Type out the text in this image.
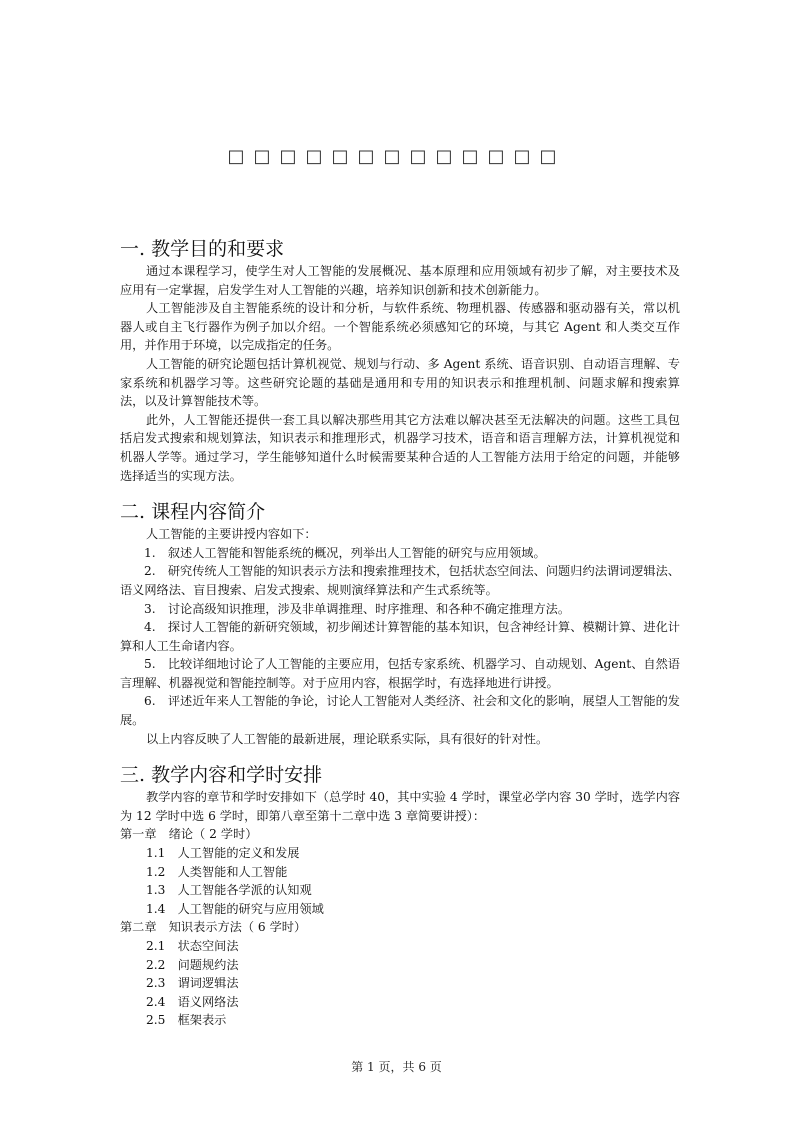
□□□□□□□□□□□□□
一. 教学目的和要求

通过本课程学习，使学生对人工智能的发展概况、基本原理和应用领域有初步了解，对主要技术及应用有一定掌握，启发学生对人工智能的兴趣，培养知识创新和技术创新能力。

人工智能涉及自主智能系统的设计和分析，与软件系统、物理机器、传感器和驱动器有关，常以机器人或自主飞行器作为例子加以介绍。一个智能系统必须感知它的环境，与其它 Agent 和人类交互作用，并作用于环境，以完成指定的任务。

人工智能的研究论题包括计算机视觉、规划与行动、多 Agent 系统、语音识别、自动语言理解、专家系统和机器学习等。这些研究论题的基础是通用和专用的知识表示和推理机制、问题求解和搜索算法，以及计算智能技术等。

此外，人工智能还提供一套工具以解决那些用其它方法难以解决甚至无法解决的问题。这些工具包括启发式搜索和规划算法，知识表示和推理形式，机器学习技术，语音和语言理解方法，计算机视觉和机器人学等。通过学习，学生能够知道什么时候需要某种合适的人工智能方法用于给定的问题，并能够选择适当的实现方法。

二. 课程内容简介

人工智能的主要讲授内容如下：

1.　叙述人工智能和智能系统的概况，列举出人工智能的研究与应用领域。

2.　研究传统人工智能的知识表示方法和搜索推理技术，包括状态空间法、问题归约法谓词逻辑法、语义网络法、盲目搜索、启发式搜索、规则演绎算法和产生式系统等。

3.　讨论高级知识推理，涉及非单调推理、时序推理、和各种不确定推理方法。

4.　探讨人工智能的新研究领域，初步阐述计算智能的基本知识，包含神经计算、模糊计算、进化计算和人工生命诸内容。

5.　比较详细地讨论了人工智能的主要应用，包括专家系统、机器学习、自动规划、Agent、自然语言理解、机器视觉和智能控制等。对于应用内容，根据学时，有选择地进行讲授。

6.　评述近年来人工智能的争论，讨论人工智能对人类经济、社会和文化的影响，展望人工智能的发展。

以上内容反映了人工智能的最新进展，理论联系实际，具有很好的针对性。

三. 教学内容和学时安排

教学内容的章节和学时安排如下（总学时 40，其中实验 4 学时，课堂必学内容 30 学时，选学内容为 12 学时中选 6 学时，即第八章至第十二章中选 3 章简要讲授）：

第一章　绪论（ 2 学时）
1.1　人工智能的定义和发展
1.2　人类智能和人工智能
1.3　人工智能各学派的认知观
1.4　人工智能的研究与应用领域
第二章　知识表示方法（ 6 学时）
2.1　状态空间法
2.2　问题规约法
2.3　谓词逻辑法
2.4　语义网络法
2.5　框架表示
第 1 页，共 6 页
